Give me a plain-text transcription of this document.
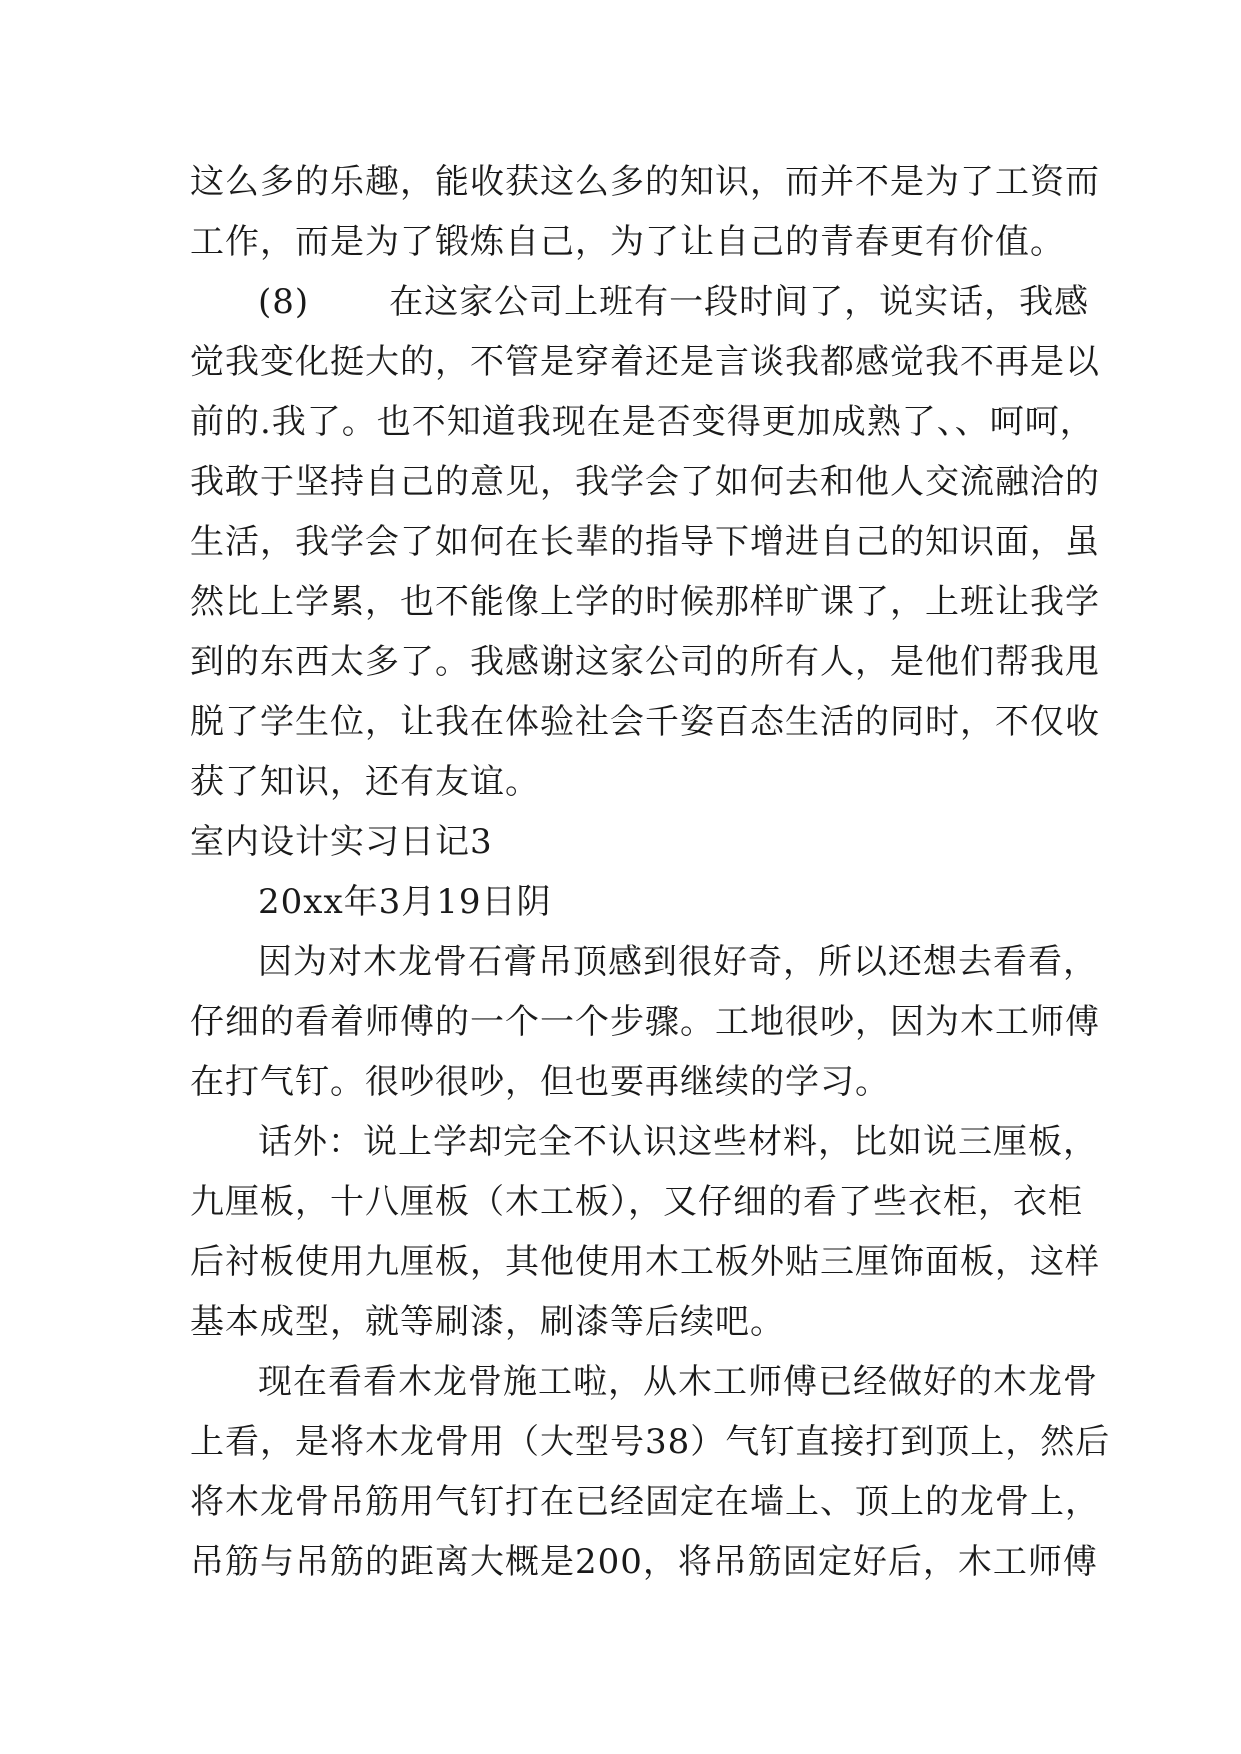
这么多的乐趣，能收获这么多的知识，而并不是为了工资而
工作，而是为了锻炼自己，为了让自己的青春更有价值。
(8) 在这家公司上班有一段时间了，说实话，我感
觉我变化挺大的，不管是穿着还是言谈我都感觉我不再是以
前的.我了。也不知道我现在是否变得更加成熟了、、呵呵，
我敢于坚持自己的意见，我学会了如何去和他人交流融洽的
生活，我学会了如何在长辈的指导下增进自己的知识面，虽
然比上学累，也不能像上学的时候那样旷课了，上班让我学
到的东西太多了。我感谢这家公司的所有人，是他们帮我甩
脱了学生位，让我在体验社会千姿百态生活的同时，不仅收
获了知识，还有友谊。
室内设计实习日记3
20xx年3月19日阴
因为对木龙骨石膏吊顶感到很好奇，所以还想去看看，
仔细的看着师傅的一个一个步骤。工地很吵，因为木工师傅
在打气钉。很吵很吵，但也要再继续的学习。
话外：说上学却完全不认识这些材料，比如说三厘板，
九厘板，十八厘板（木工板），又仔细的看了些衣柜，衣柜
后衬板使用九厘板，其他使用木工板外贴三厘饰面板，这样
基本成型，就等刷漆，刷漆等后续吧。
现在看看木龙骨施工啦，从木工师傅已经做好的木龙骨
上看，是将木龙骨用（大型号38）气钉直接打到顶上，然后
将木龙骨吊筋用气钉打在已经固定在墙上、顶上的龙骨上，
吊筋与吊筋的距离大概是200，将吊筋固定好后，木工师傅
